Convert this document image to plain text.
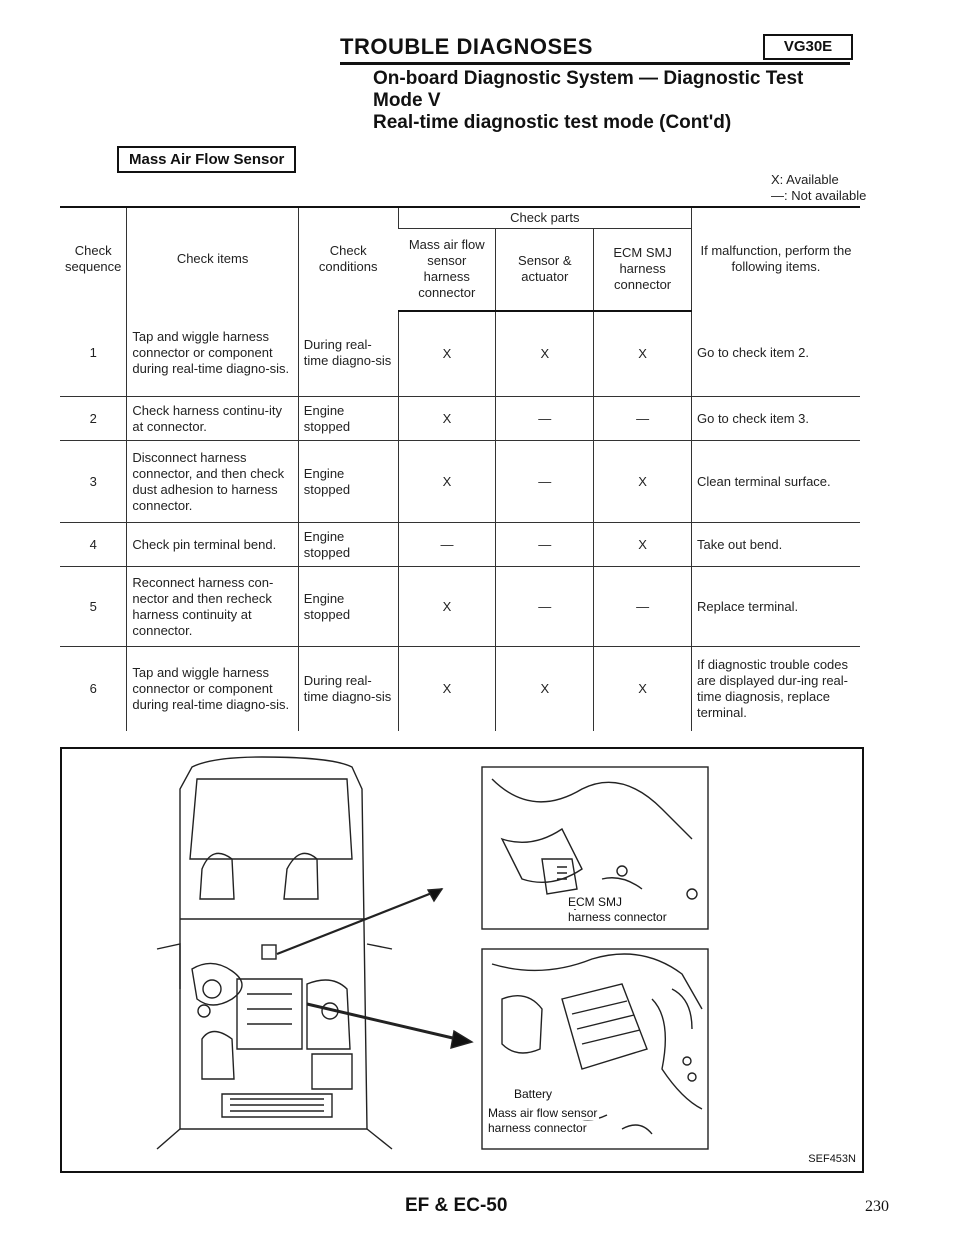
TROUBLE DIAGNOSES	VG30E
On-board Diagnostic System — Diagnostic Test
Mode V
Real-time diagnostic test mode (Cont'd)
Mass Air Flow Sensor
X: Available
—: Not available
Check sequence	Check items	Check conditions	Check parts			If malfunction, perform the following items.
			Mass air flow sensor harness connector	Sensor & actuator	ECM SMJ harness connector	
1	Tap and wiggle harness connector or component during real-time diagno-sis.	During real-time diagno-sis	X	X	X	Go to check item 2.
2	Check harness continu-ity at connector.	Engine stopped	X	—	—	Go to check item 3.
3	Disconnect harness connector, and then check dust adhesion to harness connector.	Engine stopped	X	—	X	Clean terminal surface.
4	Check pin terminal bend.	Engine stopped	—	—	X	Take out bend.
5	Reconnect harness con-nector and then recheck harness continuity at connector.	Engine stopped	X	—	—	Replace terminal.
6	Tap and wiggle harness connector or component during real-time diagno-sis.	During real-time diagno-sis	X	X	X	If diagnostic trouble codes are displayed dur-ing real-time diagnosis, replace terminal.
ECM SMJ
harness connector
Battery
Mass air flow sensor
harness connector
SEF453N
EF & EC-50	230
